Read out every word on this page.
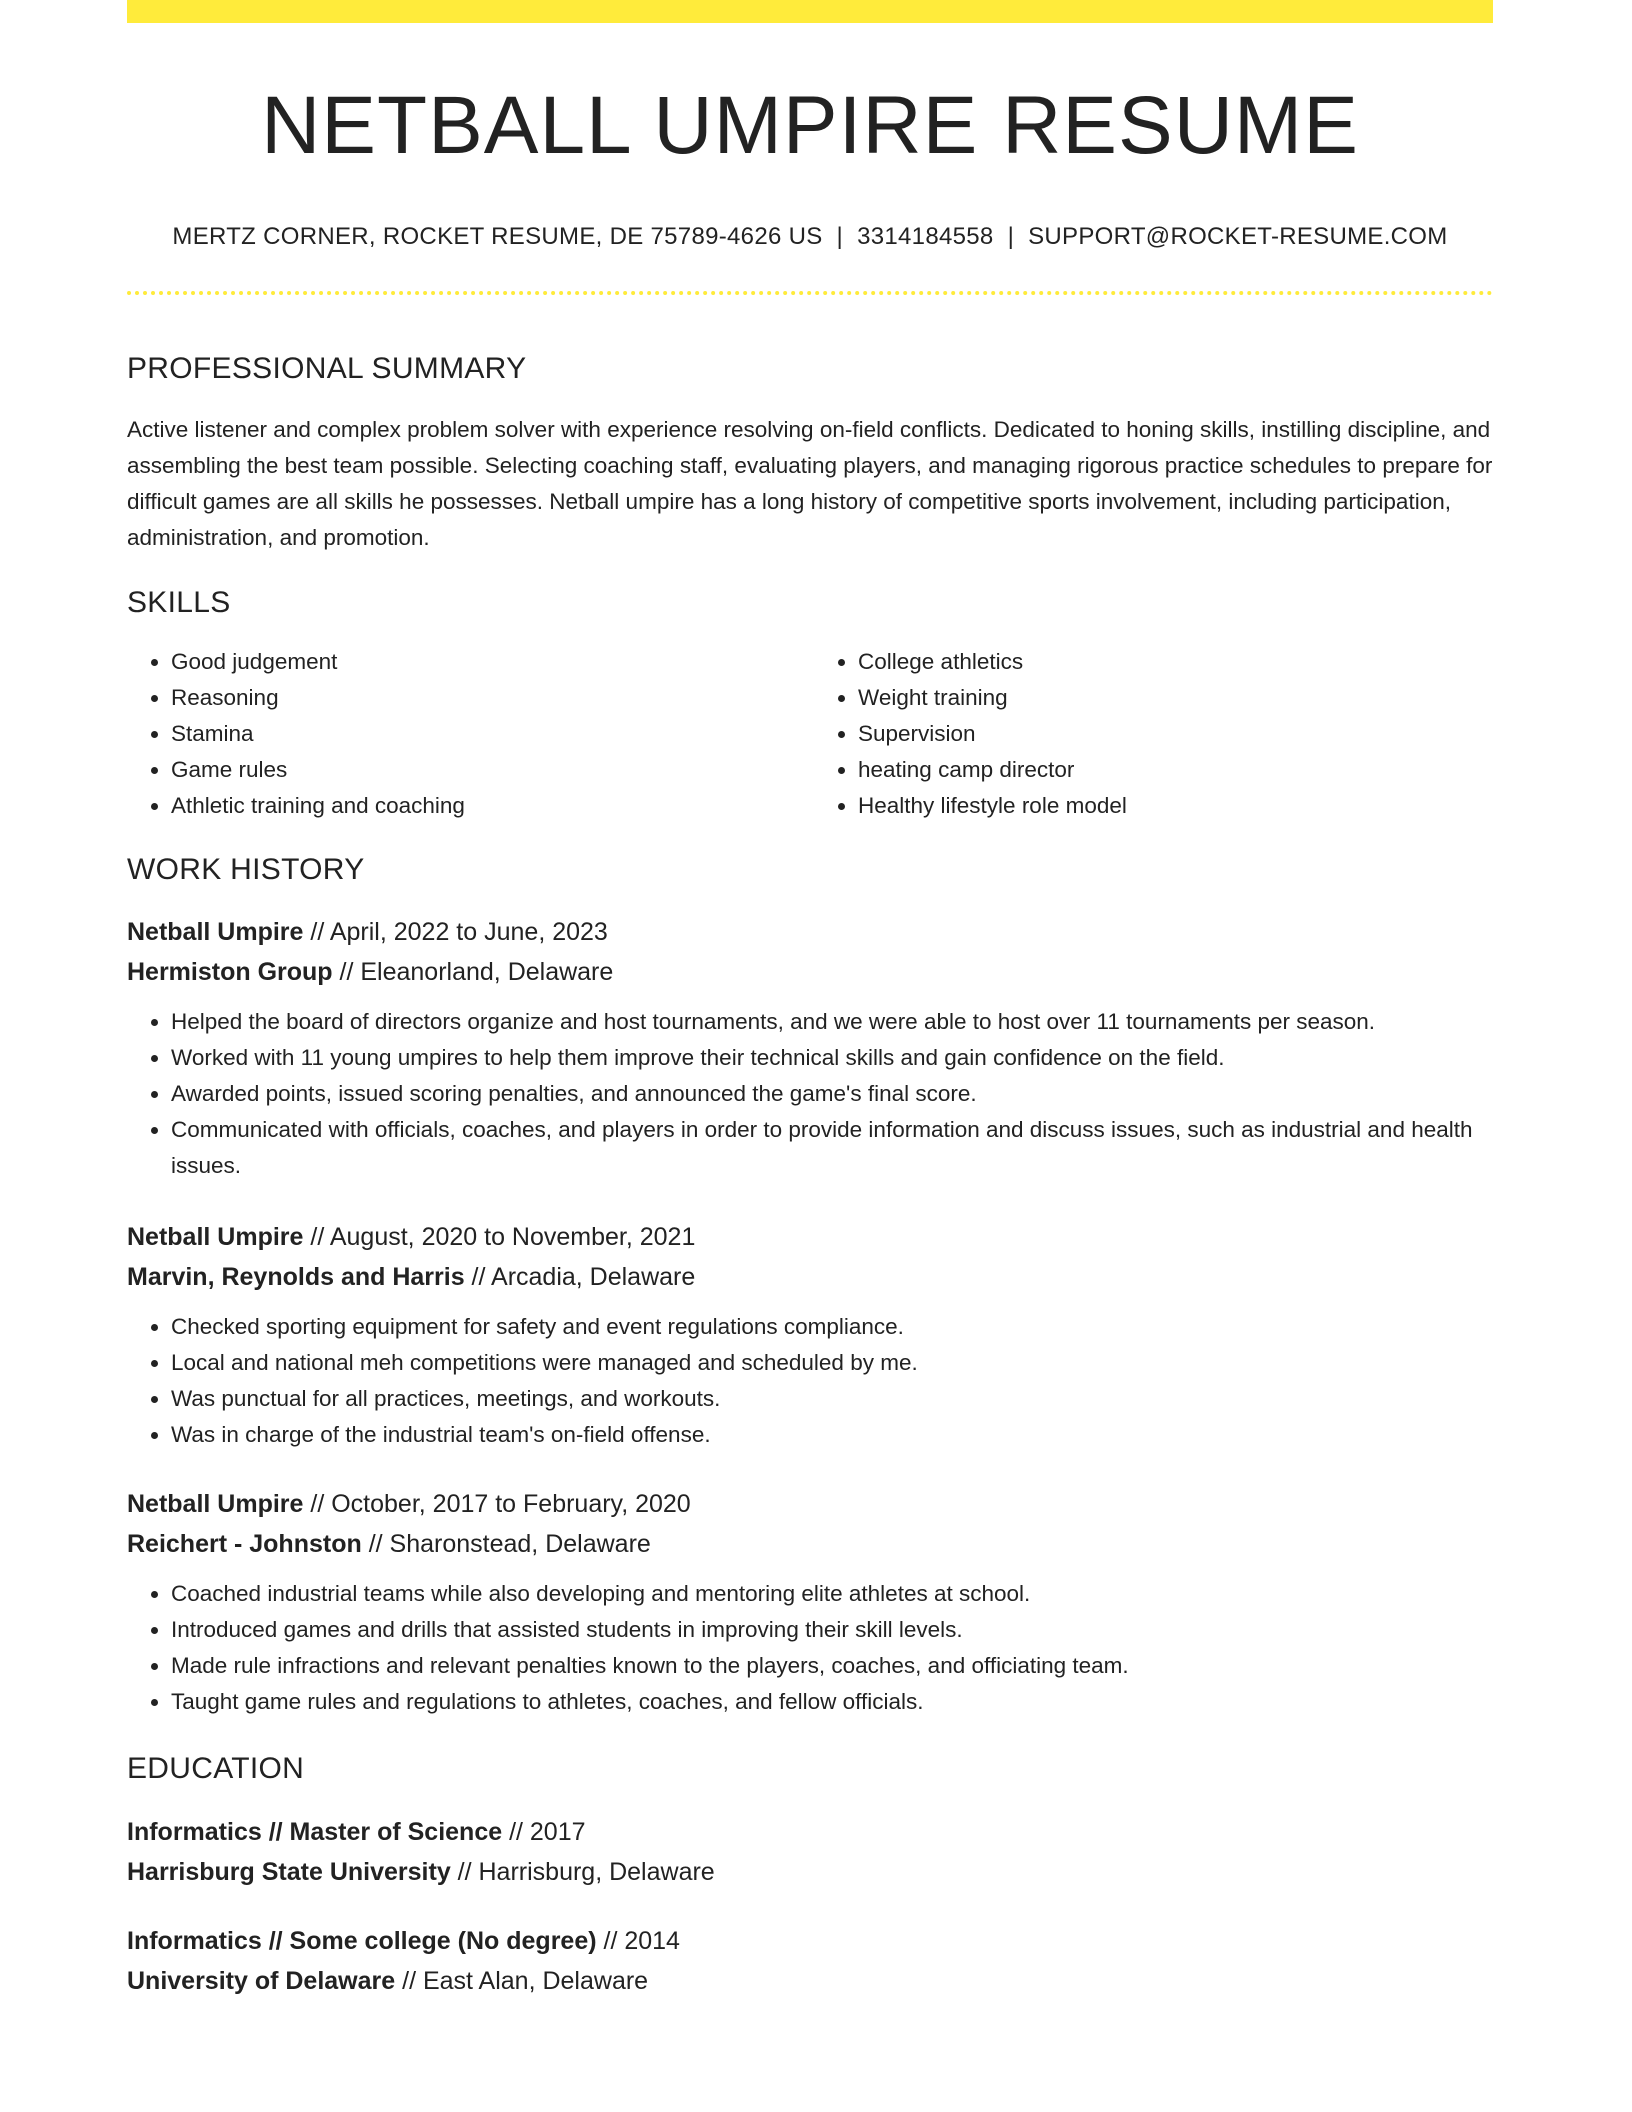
NETBALL UMPIRE RESUME
MERTZ CORNER, ROCKET RESUME, DE 75789-4626 US | 3314184558 | SUPPORT@ROCKET-RESUME.COM
PROFESSIONAL SUMMARY

Active listener and complex problem solver with experience resolving on-field conflicts. Dedicated to honing skills, instilling discipline, and assembling the best team possible. Selecting coaching staff, evaluating players, and managing rigorous practice schedules to prepare for difficult games are all skills he possesses. Netball umpire has a long history of competitive sports involvement, including participation, administration, and promotion.

SKILLS
• Good judgement
• Reasoning
• Stamina
• Game rules
• Athletic training and coaching
• College athletics
• Weight training
• Supervision
• heating camp director
• Healthy lifestyle role model
WORK HISTORY
Netball Umpire // April, 2022 to June, 2023
Hermiston Group // Eleanorland, Delaware
• Helped the board of directors organize and host tournaments, and we were able to host over 11 tournaments per season.
• Worked with 11 young umpires to help them improve their technical skills and gain confidence on the field.
• Awarded points, issued scoring penalties, and announced the game's final score.
• Communicated with officials, coaches, and players in order to provide information and discuss issues, such as industrial and health issues.
Netball Umpire // August, 2020 to November, 2021
Marvin, Reynolds and Harris // Arcadia, Delaware
• Checked sporting equipment for safety and event regulations compliance.
• Local and national meh competitions were managed and scheduled by me.
• Was punctual for all practices, meetings, and workouts.
• Was in charge of the industrial team's on-field offense.
Netball Umpire // October, 2017 to February, 2020
Reichert - Johnston // Sharonstead, Delaware
• Coached industrial teams while also developing and mentoring elite athletes at school.
• Introduced games and drills that assisted students in improving their skill levels.
• Made rule infractions and relevant penalties known to the players, coaches, and officiating team.
• Taught game rules and regulations to athletes, coaches, and fellow officials.
EDUCATION
Informatics // Master of Science // 2017
Harrisburg State University // Harrisburg, Delaware
Informatics // Some college (No degree) // 2014
University of Delaware // East Alan, Delaware
